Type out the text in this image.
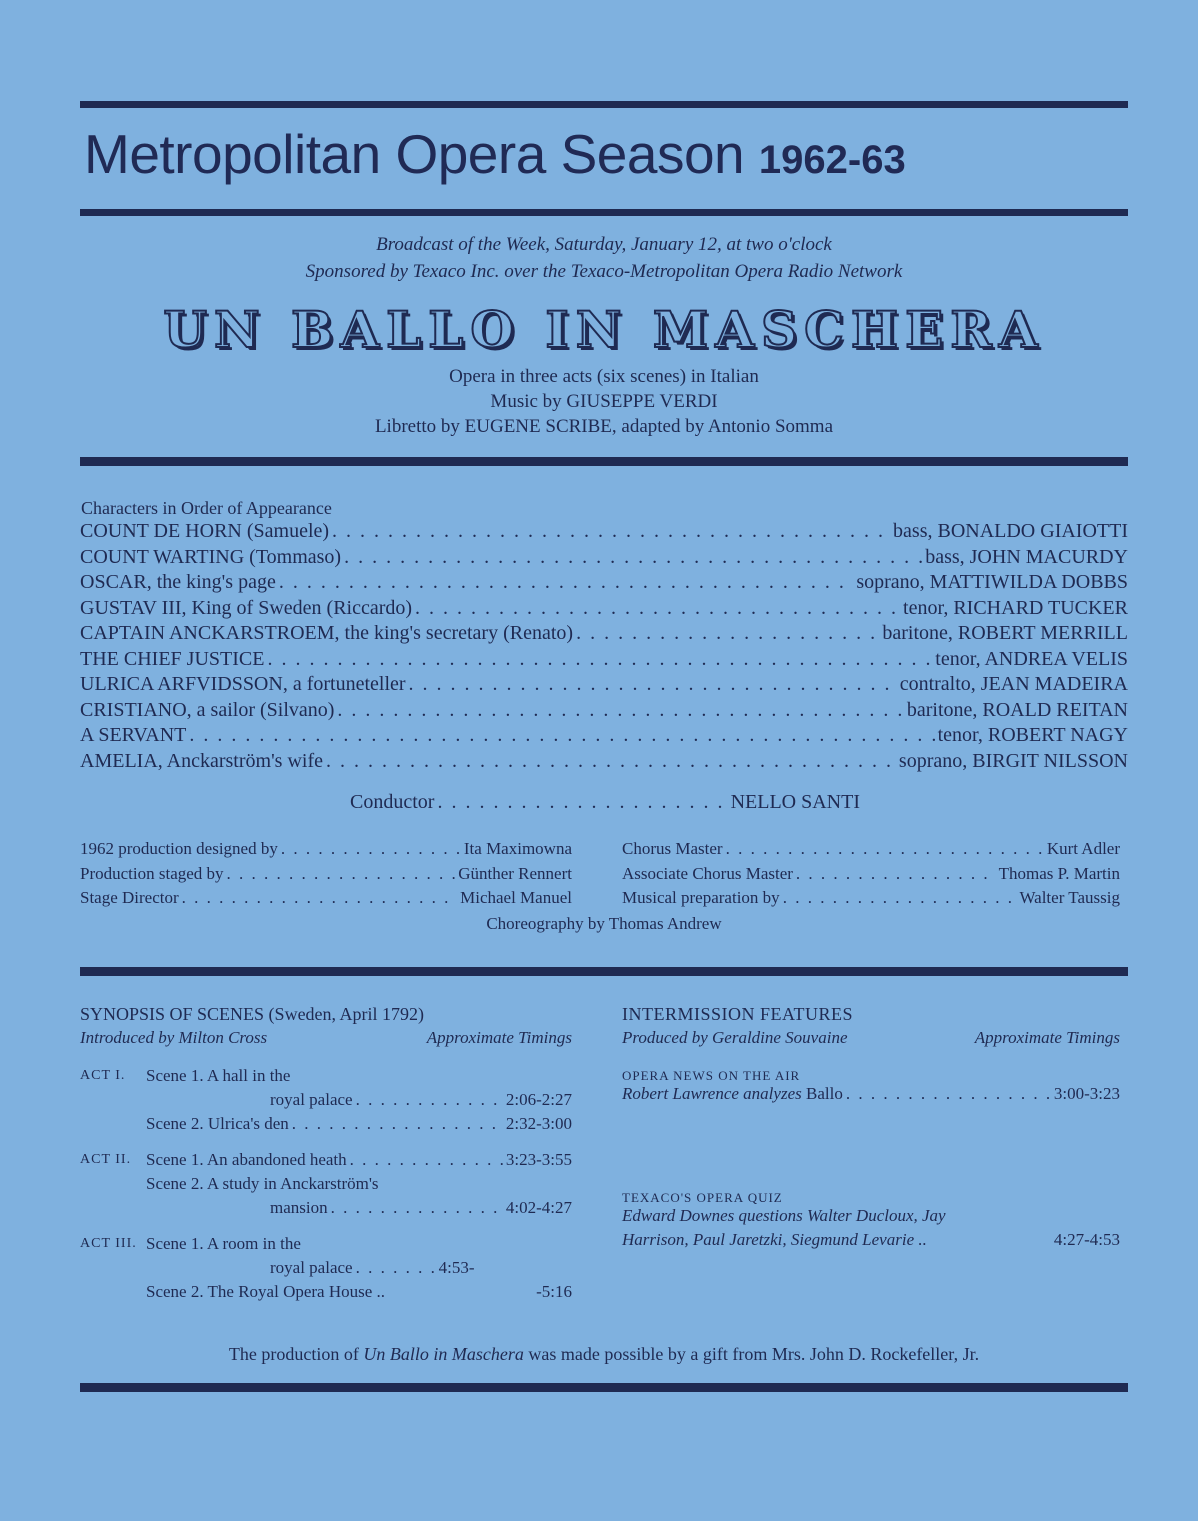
Metropolitan Opera Season 1962-63
Broadcast of the Week, Saturday, January 12, at two o'clock
Sponsored by Texaco Inc. over the Texaco-Metropolitan Opera Radio Network
UN BALLO IN MASCHERA
Opera in three acts (six scenes) in Italian
Music by GIUSEPPE VERDI
Libretto by EUGENE SCRIBE, adapted by Antonio Somma
Characters in Order of Appearance
COUNT DE HORN (Samuele) . . .	bass, BONALDO GIAIOTTI
COUNT WARTING (Tommaso) . . .	bass, JOHN MACURDY
OSCAR, the king's page . . .	soprano, MATTIWILDA DOBBS
GUSTAV III, King of Sweden (Riccardo) . . .	tenor, RICHARD TUCKER
CAPTAIN ANCKARSTROEM, the king's secretary (Renato) . . .	baritone, ROBERT MERRILL
THE CHIEF JUSTICE . . .	tenor, ANDREA VELIS
ULRICA ARFVIDSSON, a fortuneteller . . .	contralto, JEAN MADEIRA
CRISTIANO, a sailor (Silvano) . . .	baritone, ROALD REITAN
A SERVANT . . .	tenor, ROBERT NAGY
AMELIA, Anckarström's wife . . .	soprano, BIRGIT NILSSON
Conductor . . .	NELLO SANTI
1962 production designed by . . .	Ita Maximowna
Production staged by . . .	Günther Rennert
Stage Director . . .	Michael Manuel
Chorus Master . . .	Kurt Adler
Associate Chorus Master . . .	Thomas P. Martin
Musical preparation by . . .	Walter Taussig
Choreography by Thomas Andrew
SYNOPSIS OF SCENES (Sweden, April 1792)
Introduced by Milton Cross	Approximate Timings
ACT I. Scene 1. A hall in the
royal palace . . .	2:06-2:27
Scene 2. Ulrica's den . . .	2:32-3:00
ACT II. Scene 1. An abandoned heath . . .	3:23-3:55
Scene 2. A study in Anckarström's
mansion . . .	4:02-4:27
ACT III. Scene 1. A room in the
royal palace . . .	4:53-
Scene 2. The Royal Opera House ..	-5:16
INTERMISSION FEATURES
Produced by Geraldine Souvaine	Approximate Timings
OPERA NEWS ON THE AIR
Robert Lawrence analyzes
Ballo . . .	3:00-3:23
TEXACO'S OPERA QUIZ
Edward Downes questions Walter Ducloux, Jay
Harrison, Paul Jaretzki, Siegmund Levarie ..	4:27-4:53
The production of Un Ballo in Maschera was made possible by a gift from Mrs. John D. Rockefeller, Jr.
